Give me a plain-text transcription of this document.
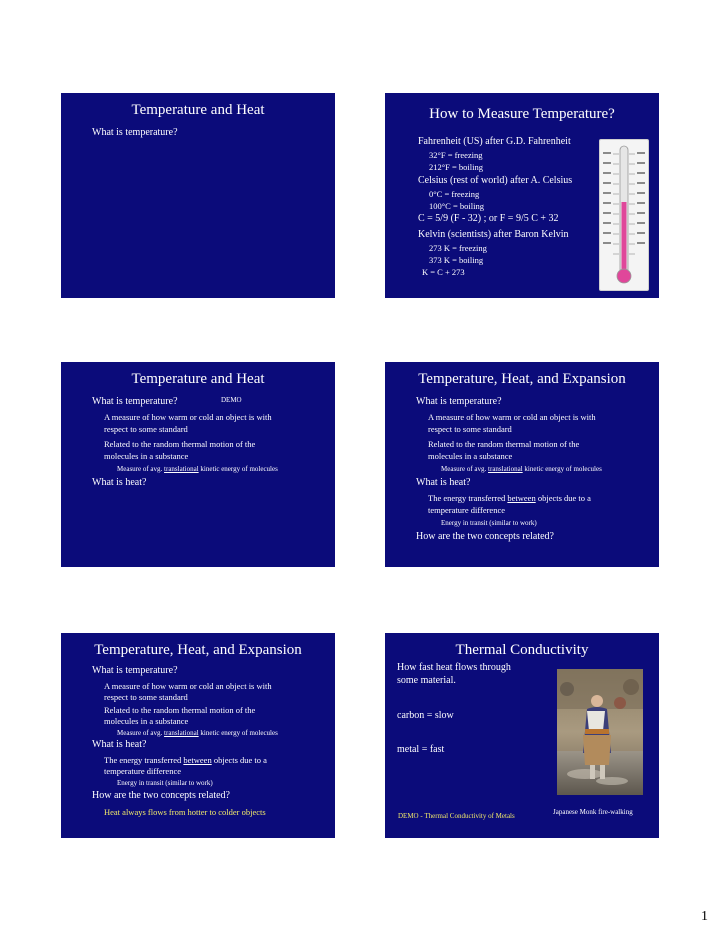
Temperature and Heat
What is temperature?
How to Measure Temperature?
Fahrenheit (US) after G.D. Fahrenheit
32°F = freezing
212°F = boiling
Celsius (rest of world) after A. Celsius
0°C = freezing
100°C = boiling
C = 5/9 (F - 32) ; or F = 9/5 C + 32
Kelvin (scientists) after Baron Kelvin
273 K = freezing
373 K = boiling
K = C + 273
Temperature and Heat
What is temperature?	DEMO
A measure of how warm or cold an object is with
respect to some standard
Related to the random thermal motion of the
molecules in a substance
Measure of avg. translational kinetic energy of molecules
What is heat?
Temperature, Heat, and Expansion
What is temperature?
A measure of how warm or cold an object is with
respect to some standard
Related to the random thermal motion of the
molecules in a substance
Measure of avg. translational kinetic energy of molecules
What is heat?
The energy transferred between objects due to a
temperature difference
Energy in transit (similar to work)
How are the two concepts related?
Temperature, Heat, and Expansion
What is temperature?
A measure of how warm or cold an object is with
respect to some standard
Related to the random thermal motion of the
molecules in a substance
Measure of avg. translational kinetic energy of molecules
What is heat?
The energy transferred between objects due to a
temperature difference
Energy in transit (similar to work)
How are the two concepts related?
Heat always flows from hotter to colder objects
Thermal Conductivity
How fast heat flows through
some material.
carbon = slow
metal = fast
DEMO - Thermal Conductivity of Metals	Japanese Monk fire-walking
1
